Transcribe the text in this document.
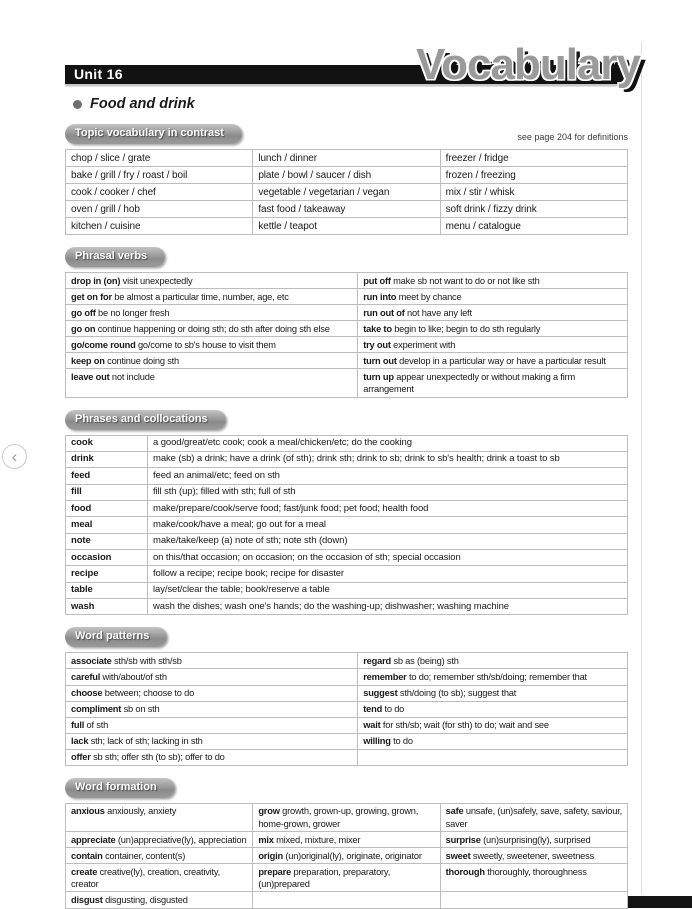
‹
Unit 16	Vocabulary
Food and drink
Topic vocabulary in contrast	see page 204 for definitions
chop / slice / grate	lunch / dinner	freezer / fridge
bake / grill / fry / roast / boil	plate / bowl / saucer / dish	frozen / freezing
cook / cooker / chef	vegetable / vegetarian / vegan	mix / stir / whisk
oven / grill / hob	fast food / takeaway	soft drink / fizzy drink
kitchen / cuisine	kettle / teapot	menu / catalogue
Phrasal verbs
drop in (on) visit unexpectedly	put off make sb not want to do or not like sth
get on for be almost a particular time, number, age, etc	run into meet by chance
go off be no longer fresh	run out of not have any left
go on continue happening or doing sth; do sth after doing sth else	take to begin to like; begin to do sth regularly
go/come round go/come to sb's house to visit them	try out experiment with
keep on continue doing sth	turn out develop in a particular way or have a particular result
leave out not include	turn up appear unexpectedly or without making a firm arrangement
Phrases and collocations
cook	a good/great/etc cook; cook a meal/chicken/etc; do the cooking
drink	make (sb) a drink; have a drink (of sth); drink sth; drink to sb; drink to sb's health; drink a toast to sb
feed	feed an animal/etc; feed on sth
fill	fill sth (up); filled with sth; full of sth
food	make/prepare/cook/serve food; fast/junk food; pet food; health food
meal	make/cook/have a meal; go out for a meal
note	make/take/keep (a) note of sth; note sth (down)
occasion	on this/that occasion; on occasion; on the occasion of sth; special occasion
recipe	follow a recipe; recipe book; recipe for disaster
table	lay/set/clear the table; book/reserve a table
wash	wash the dishes; wash one's hands; do the washing-up; dishwasher; washing machine
Word patterns
associate sth/sb with sth/sb	regard sb as (being) sth
careful with/about/of sth	remember to do; remember sth/sb/doing; remember that
choose between; choose to do	suggest sth/doing (to sb); suggest that
compliment sb on sth	tend to do
full of sth	wait for sth/sb; wait (for sth) to do; wait and see
lack sth; lack of sth; lacking in sth	willing to do
offer sb sth; offer sth (to sb); offer to do	
Word formation
anxious anxiously, anxiety	grow growth, grown-up, growing, grown, home-grown, grower	safe unsafe, (un)safely, save, safety, saviour, saver
appreciate (un)appreciative(ly), appreciation	mix mixed, mixture, mixer	surprise (un)surprising(ly), surprised
contain container, content(s)	origin (un)original(ly), originate, originator	sweet sweetly, sweetener, sweetness
create creative(ly), creation, creativity, creator	prepare preparation, preparatory, (un)prepared	thorough thoroughly, thoroughness
disgust disgusting, disgusted		
